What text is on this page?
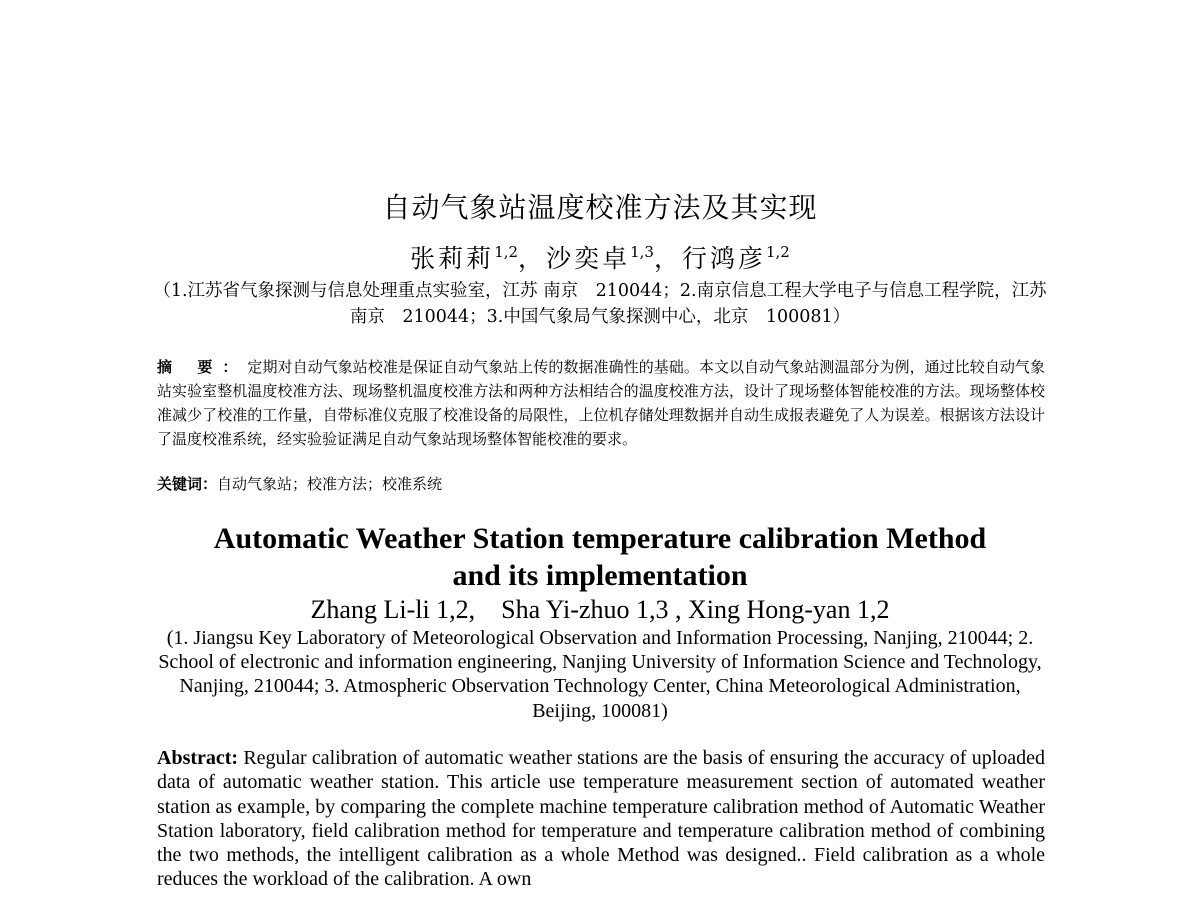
自动气象站温度校准方法及其实现
张莉莉$^{1,2}$，沙奕卓$^{1,3}$，行鸿彦$^{1,2}$
（1.江苏省气象探测与信息处理重点实验室，江苏 南京　210044；2.南京信息工程大学电子与信息工程学院，江苏南京　210044；3.中国气象局气象探测中心，北京　100081）
摘 要：定期对自动气象站校准是保证自动气象站上传的数据准确性的基础。本文以自动气象站测温部分为例，通过比较自动气象站实验室整机温度校准方法、现场整机温度校准方法和两种方法相结合的温度校准方法，设计了现场整体智能校准的方法。现场整体校准减少了校准的工作量，自带标准仪克服了校准设备的局限性，上位机存储处理数据并自动生成报表避免了人为误差。根据该方法设计了温度校准系统，经实验验证满足自动气象站现场整体智能校准的要求。
关键词：自动气象站；校准方法；校准系统
Automatic Weather Station temperature calibration Method
and its implementation
Zhang Li-li 1,2,    Sha Yi-zhuo 1,3 , Xing Hong-yan 1,2
(1. Jiangsu Key Laboratory of Meteorological Observation and Information Processing, Nanjing, 210044; 2. School of electronic and information engineering, Nanjing University of Information Science and Technology, Nanjing, 210044; 3. Atmospheric Observation Technology Center, China Meteorological Administration, Beijing, 100081)
Abstract: Regular calibration of automatic weather stations are the basis of ensuring the accuracy of uploaded data of automatic weather station. This article use temperature measurement section of automated weather station as example, by comparing the complete machine temperature calibration method of Automatic Weather Station laboratory, field calibration method for temperature and temperature calibration method of combining the two methods, the intelligent calibration as a whole Method was designed.. Field calibration as a whole reduces the workload of the calibration. A own
